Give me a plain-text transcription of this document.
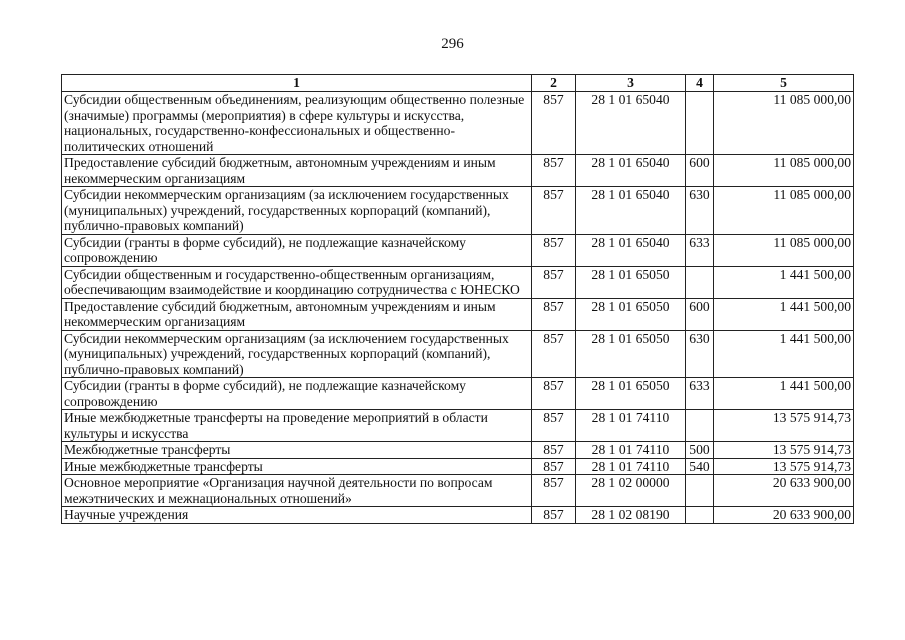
296
1	2	3	4	5
Субсидии общественным объединениям, реализующим общественно полезные (значимые) программы (мероприятия) в сфере культуры и искусства, национальных, государственно-конфессиональных и общественно-политических отношений	857	28 1 01 65040		11 085 000,00
Предоставление субсидий бюджетным, автономным учреждениям и иным некоммерческим организациям	857	28 1 01 65040	600	11 085 000,00
Субсидии некоммерческим организациям (за исключением государственных (муниципальных) учреждений, государственных корпораций (компаний), публично-правовых компаний)	857	28 1 01 65040	630	11 085 000,00
Субсидии (гранты в форме субсидий), не подлежащие казначейскому сопровождению	857	28 1 01 65040	633	11 085 000,00
Субсидии общественным и государственно-общественным организациям, обеспечивающим взаимодействие и координацию сотрудничества с ЮНЕСКО	857	28 1 01 65050		1 441 500,00
Предоставление субсидий бюджетным, автономным учреждениям и иным некоммерческим организациям	857	28 1 01 65050	600	1 441 500,00
Субсидии некоммерческим организациям (за исключением государственных (муниципальных) учреждений, государственных корпораций (компаний), публично-правовых компаний)	857	28 1 01 65050	630	1 441 500,00
Субсидии (гранты в форме субсидий), не подлежащие казначейскому сопровождению	857	28 1 01 65050	633	1 441 500,00
Иные межбюджетные трансферты на проведение мероприятий в области культуры и искусства	857	28 1 01 74110		13 575 914,73
Межбюджетные трансферты	857	28 1 01 74110	500	13 575 914,73
Иные межбюджетные трансферты	857	28 1 01 74110	540	13 575 914,73
Основное мероприятие «Организация научной деятельности по вопросам межэтнических и межнациональных отношений»	857	28 1 02 00000		20 633 900,00
Научные учреждения	857	28 1 02 08190		20 633 900,00
